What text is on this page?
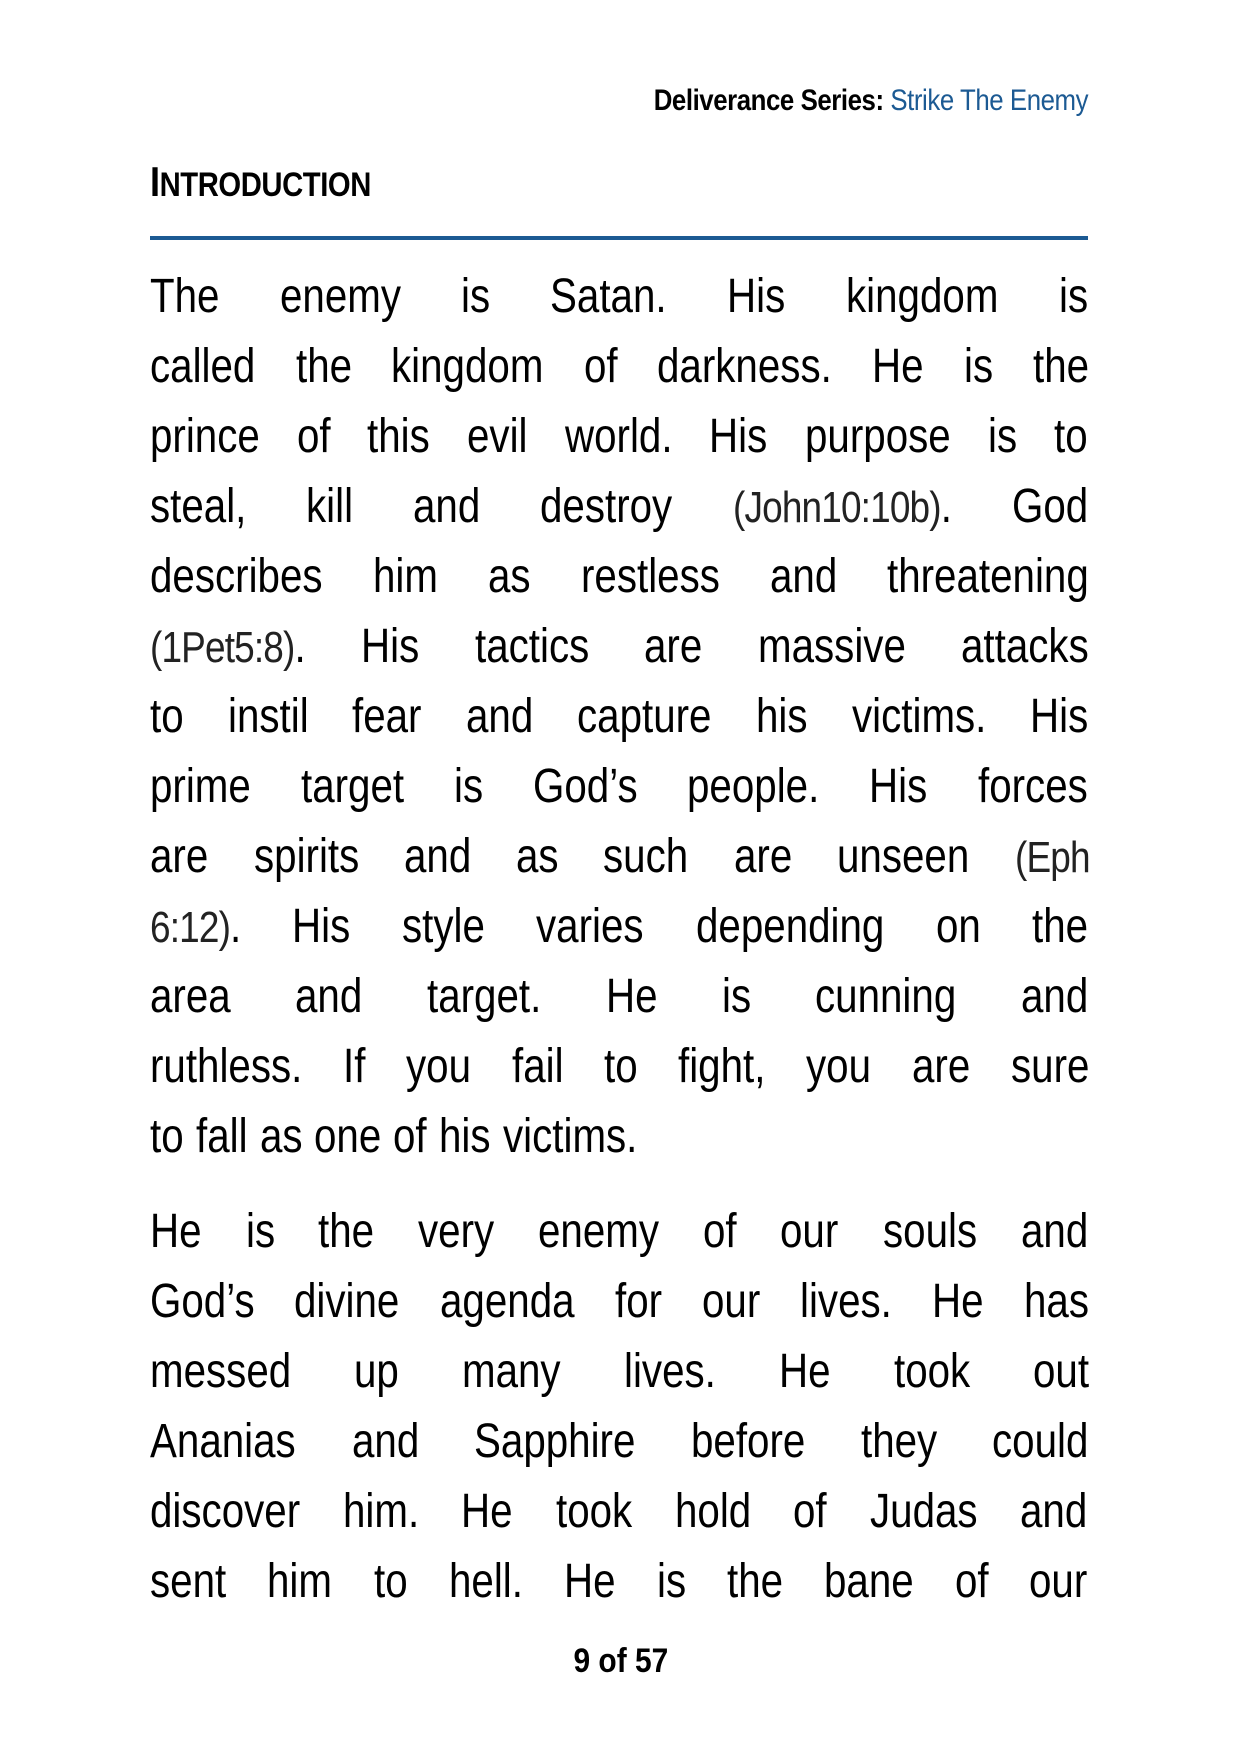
Deliverance Series: Strike The Enemy
INTRODUCTION
The enemy is Satan. His kingdom is
called the kingdom of darkness. He is the
prince of this evil world. His purpose is to
steal, kill and destroy (John10:10b). God
describes him as restless and threatening
(1Pet5:8). His tactics are massive attacks
to instil fear and capture his victims. His
prime target is God’s people. His forces
are spirits and as such are unseen (Eph
6:12). His style varies depending on the
area and target. He is cunning and
ruthless. If you fail to fight, you are sure
to fall as one of his victims.
He is the very enemy of our souls and
God’s divine agenda for our lives. He has
messed up many lives. He took out
Ananias and Sapphire before they could
discover him. He took hold of Judas and
sent him to hell. He is the bane of our
9 of 57
